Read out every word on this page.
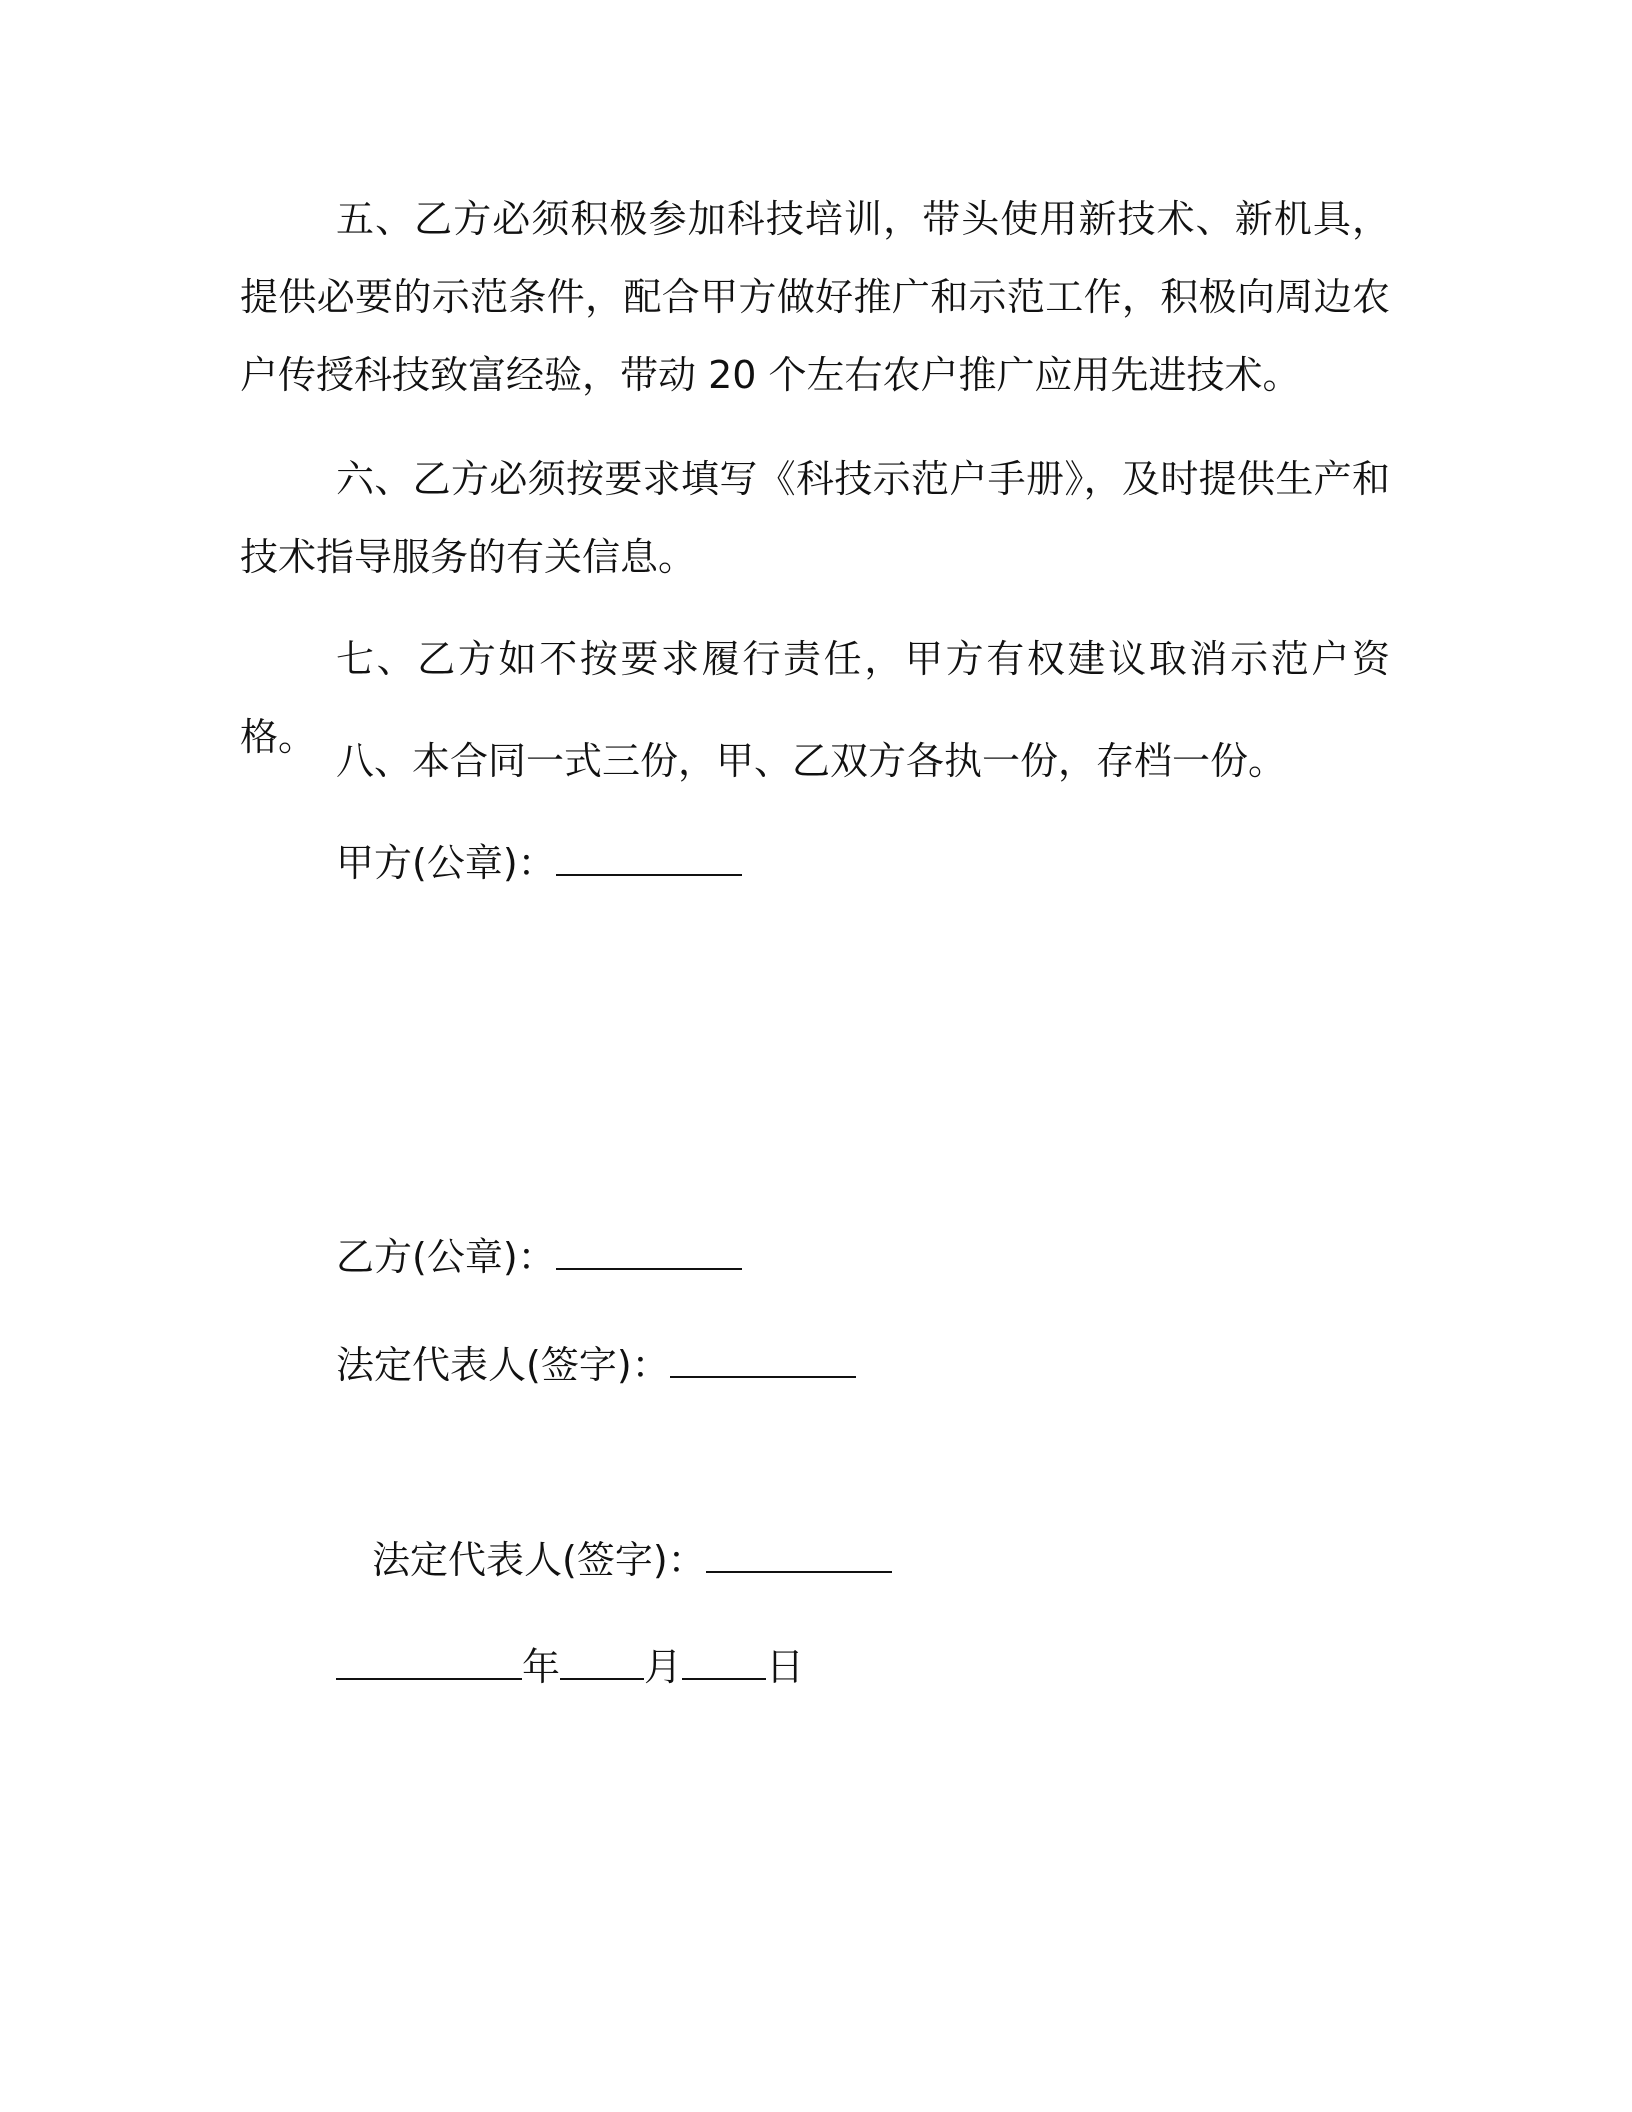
五、乙方必须积极参加科技培训，带头使用新技术、新机具，提供必要的示范条件，配合甲方做好推广和示范工作，积极向周边农户传授科技致富经验，带动 20 个左右农户推广应用先进技术。

六、乙方必须按要求填写《科技示范户手册》，及时提供生产和技术指导服务的有关信息。

七、乙方如不按要求履行责任，甲方有权建议取消示范户资格。

八、本合同一式三份，甲、乙双方各执一份，存档一份。

甲方(公章)：
乙方(公章)：
法定代表人(签字)：
法定代表人(签字)：
年 月 日
